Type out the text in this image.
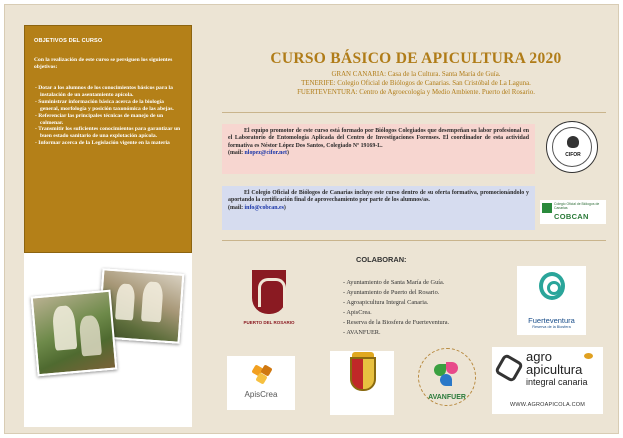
OBJETIVOS DEL CURSO
Con la realización de este curso se persiguen los siguientes objetivos:
- Dotar a los alumnos de los conocimientos básicos para la instalación de un asentamiento apícola.
- Suministrar información básica acerca de la biología general, morfología y posición taxonómica de las abejas.
- Referenciar las principales técnicas de manejo de un colmenar.
- Transmitir los suficientes conocimientos para garantizar un buen estado sanitario de una explotación apícola.
- Informar acerca de la Legislación vigente en la materia
CURSO BÁSICO DE APICULTURA 2020
GRAN CANARIA: Casa de la Cultura. Santa María de Guía.
TENERIFE: Colegio Oficial de Biólogos de Canarias. San Cristóbal de La Laguna.
FUERTEVENTURA: Centro de Agroecología y Medio Ambiente. Puerto del Rosario.

El equipo promotor de este curso está formado por Biólogos Colegiados que desempeñan su labor profesional en el Laboratorio de Entomología Aplicada del Centro de Investigaciones Forenses. El coordinador de esta actividad formativa es Néstor López Dos Santos, Colegiado Nº 19169-L.

(mail: nlopez@cifor.net)	CIFOR

El Colegio Oficial de Biólogos de Canarias incluye este curso dentro de su oferta formativa, promocionándolo y aportando la certificación final de aprovechamiento por parte de los alumnos/as.

(mail: info@cobcan.es)
Colegio Oficial de Biólogos de Canarias
COBCAN
COLABORAN:
- Ayuntamiento de Santa María de Guía.
- Ayuntamiento de Puerto del Rosario.
- Agroapicultura Integral Canaria.
- ApisCrea.
- Reserva de la Biosfera de Fuerteventura.
- AVANFUER.
PUERTO DEL ROSARIO	Fuerteventura
Reserva de la Biosfera
ApisCrea	AVANFUER
agro
apicultura
integral canaria
WWW.AGROAPICOLA.COM
